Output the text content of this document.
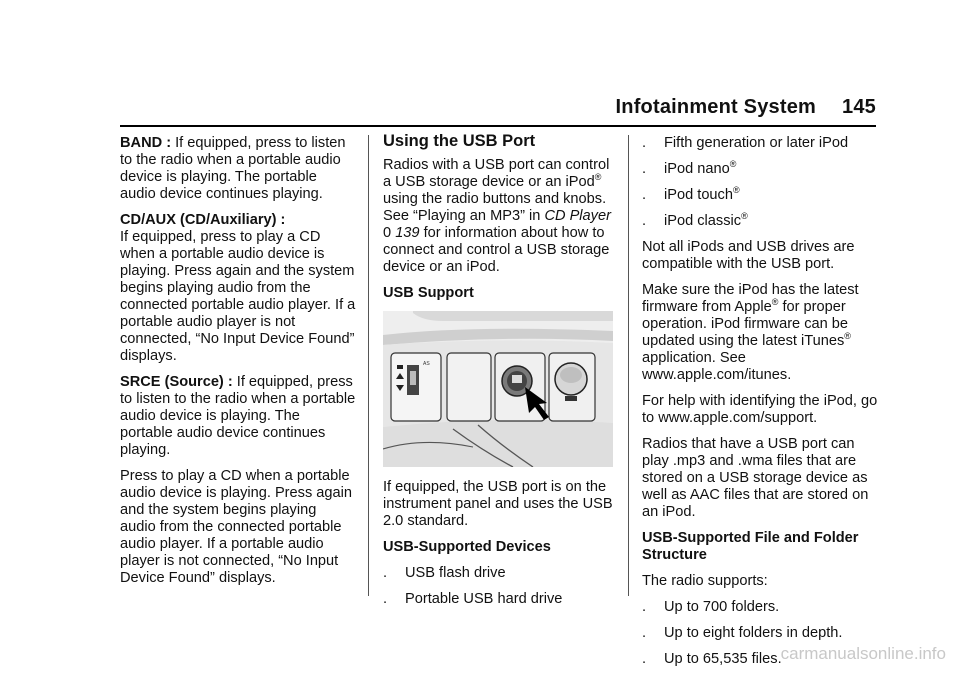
Infotainment System 145

BAND : If equipped, press to listen to the radio when a portable audio device is playing. The portable audio device continues playing.

CD/AUX (CD/Auxiliary) :
If equipped, press to play a CD when a portable audio device is playing. Press again and the system begins playing audio from the connected portable audio player. If a portable audio player is not connected, “No Input Device Found” displays.

SRCE (Source) : If equipped, press to listen to the radio when a portable audio device is playing. The portable audio device continues playing.

Press to play a CD when a portable audio device is playing. Press again and the system begins playing audio from the connected portable audio player. If a portable audio player is not connected, “No Input Device Found” displays.

Using the USB Port

Radios with a USB port can control a USB storage device or an iPod® using the radio buttons and knobs. See “Playing an MP3” in CD Player
0 139 for information about how to connect and control a USB storage device or an iPod.

USB Support

AS

If equipped, the USB port is on the instrument panel and uses the USB 2.0 standard.

USB-Supported Devices

. USB flash drive
. Portable USB hard drive
. Fifth generation or later iPod
. iPod nano®
. iPod touch®
. iPod classic®

Not all iPods and USB drives are compatible with the USB port.

Make sure the iPod has the latest firmware from Apple® for proper operation. iPod firmware can be updated using the latest iTunes® application. See www.apple.com/itunes.

For help with identifying the iPod, go to www.apple.com/support.

Radios that have a USB port can play .mp3 and .wma files that are stored on a USB storage device as well as AAC files that are stored on an iPod.

USB-Supported File and Folder Structure

The radio supports:

. Up to 700 folders.
. Up to eight folders in depth.
. Up to 65,535 files.
carmanualsonline.info
